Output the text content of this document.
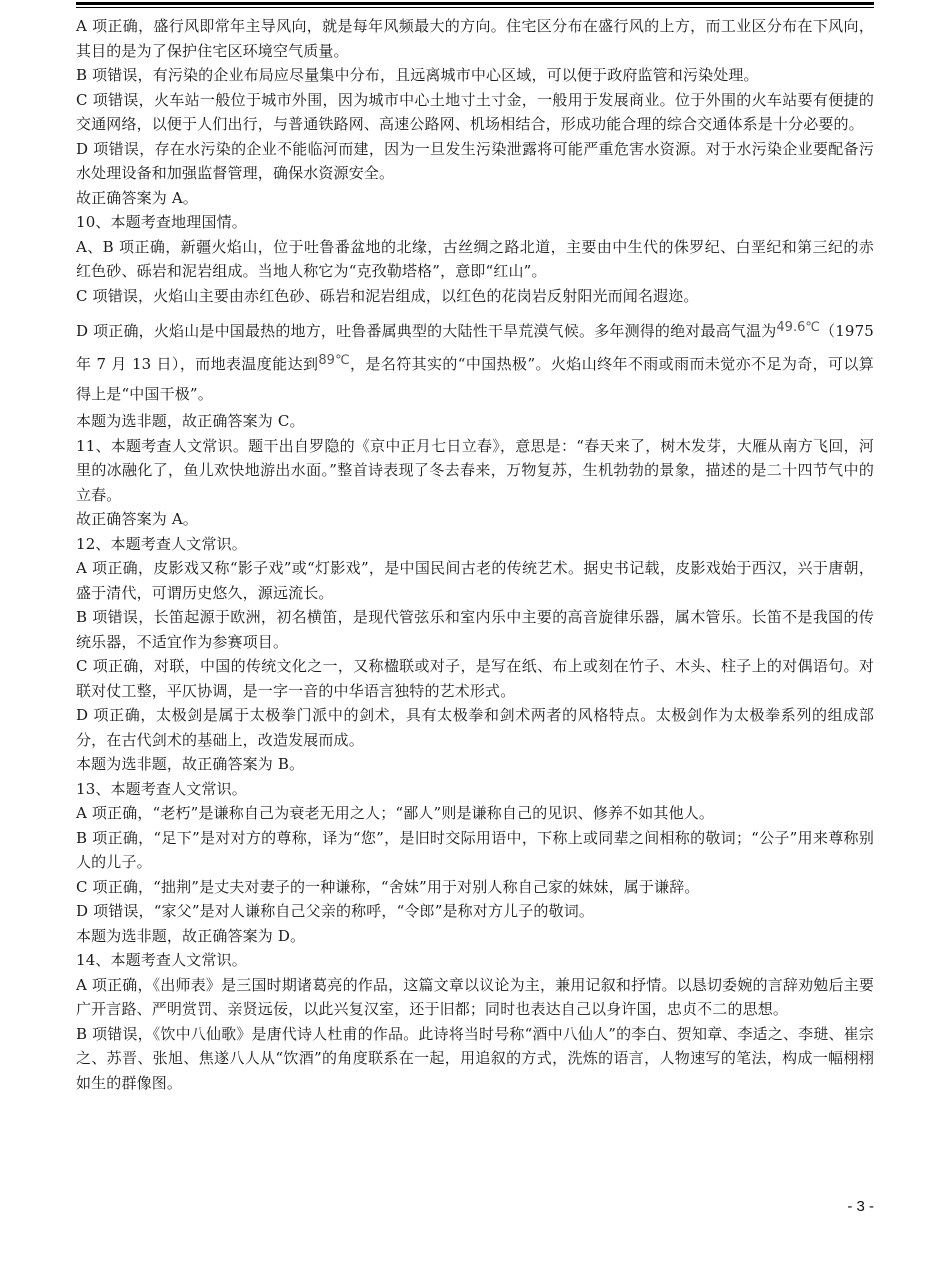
A 项正确，盛行风即常年主导风向，就是每年风频最大的方向。住宅区分布在盛行风的上方，而工业区分布在下风向，其目的是为了保护住宅区环境空气质量。

B 项错误，有污染的企业布局应尽量集中分布，且远离城市中心区域，可以便于政府监管和污染处理。

C 项错误，火车站一般位于城市外围，因为城市中心土地寸土寸金，一般用于发展商业。位于外围的火车站要有便捷的交通网络，以便于人们出行，与普通铁路网、高速公路网、机场相结合，形成功能合理的综合交通体系是十分必要的。

D 项错误，存在水污染的企业不能临河而建，因为一旦发生污染泄露将可能严重危害水资源。对于水污染企业要配备污水处理设备和加强监督管理，确保水资源安全。

故正确答案为 A。

10、本题考查地理国情。

A、B 项正确，新疆火焰山，位于吐鲁番盆地的北缘，古丝绸之路北道，主要由中生代的侏罗纪、白垩纪和第三纪的赤红色砂、砾岩和泥岩组成。当地人称它为“克孜勒塔格”，意即“红山”。

C 项错误，火焰山主要由赤红色砂、砾岩和泥岩组成，以红色的花岗岩反射阳光而闻名遐迩。

D 项正确，火焰山是中国最热的地方，吐鲁番属典型的大陆性干旱荒漠气候。多年测得的绝对最高气温为49.6℃（1975 年 7 月 13 日），而地表温度能达到89℃，是名符其实的“中国热极”。火焰山终年不雨或雨而未觉亦不足为奇，可以算得上是“中国干极”。

本题为选非题，故正确答案为 C。

11、本题考查人文常识。题干出自罗隐的《京中正月七日立春》，意思是：“春天来了，树木发芽，大雁从南方飞回，河里的冰融化了，鱼儿欢快地游出水面。”整首诗表现了冬去春来，万物复苏，生机勃勃的景象，描述的是二十四节气中的立春。

故正确答案为 A。

12、本题考查人文常识。

A 项正确，皮影戏又称“影子戏”或“灯影戏”，是中国民间古老的传统艺术。据史书记载，皮影戏始于西汉，兴于唐朝，盛于清代，可谓历史悠久，源远流长。

B 项错误，长笛起源于欧洲，初名横笛，是现代管弦乐和室内乐中主要的高音旋律乐器，属木管乐。长笛不是我国的传统乐器，不适宜作为参赛项目。

C 项正确，对联，中国的传统文化之一，又称楹联或对子，是写在纸、布上或刻在竹子、木头、柱子上的对偶语句。对联对仗工整，平仄协调，是一字一音的中华语言独特的艺术形式。

D 项正确，太极剑是属于太极拳门派中的剑术，具有太极拳和剑术两者的风格特点。太极剑作为太极拳系列的组成部分，在古代剑术的基础上，改造发展而成。

本题为选非题，故正确答案为 B。

13、本题考查人文常识。

A 项正确，“老朽”是谦称自己为衰老无用之人；“鄙人”则是谦称自己的见识、修养不如其他人。

B 项正确，“足下”是对对方的尊称，译为“您”，是旧时交际用语中，下称上或同辈之间相称的敬词；“公子”用来尊称别人的儿子。

C 项正确，“拙荆”是丈夫对妻子的一种谦称，“舍妹”用于对别人称自己家的妹妹，属于谦辞。

D 项错误，“家父”是对人谦称自己父亲的称呼，“令郎”是称对方儿子的敬词。

本题为选非题，故正确答案为 D。

14、本题考查人文常识。

A 项正确，《出师表》是三国时期诸葛亮的作品，这篇文章以议论为主，兼用记叙和抒情。以恳切委婉的言辞劝勉后主要广开言路、严明赏罚、亲贤远佞，以此兴复汉室，还于旧都；同时也表达自己以身许国，忠贞不二的思想。

B 项错误，《饮中八仙歌》是唐代诗人杜甫的作品。此诗将当时号称“酒中八仙人”的李白、贺知章、李适之、李琎、崔宗之、苏晋、张旭、焦遂八人从“饮酒”的角度联系在一起，用追叙的方式，洗炼的语言，人物速写的笔法，构成一幅栩栩如生的群像图。

- 3 -
